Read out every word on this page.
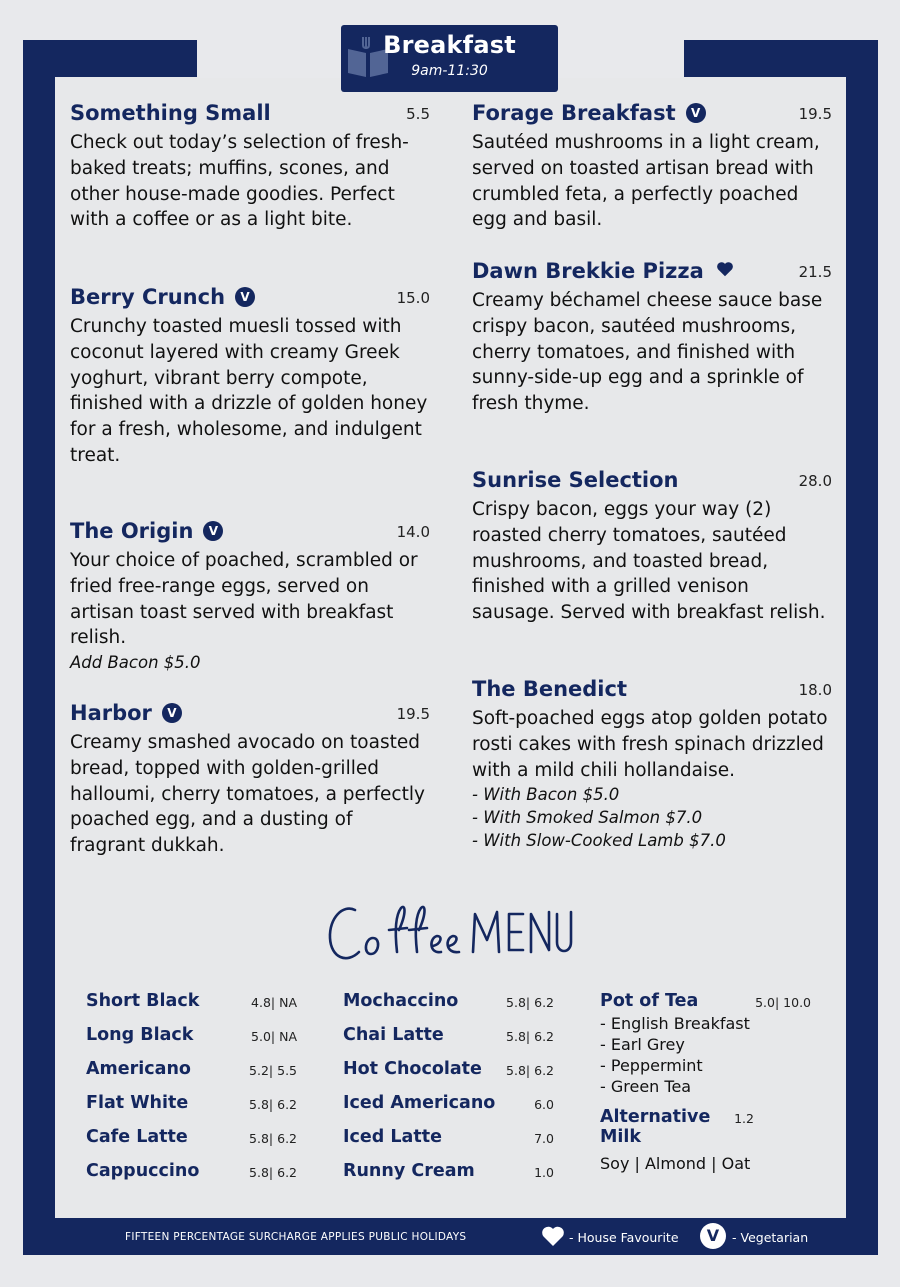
Breakfast
9am-11:30
Something Small	5.5
Check out today’s selection of fresh-baked treats; muffins, scones, and other house-made goodies. Perfect with a coffee or as a light bite.
Berry Crunch V	15.0
Crunchy toasted muesli tossed with coconut layered with creamy Greek yoghurt, vibrant berry compote, finished with a drizzle of golden honey for a fresh, wholesome, and indulgent treat.
The Origin V	14.0
Your choice of poached, scrambled or fried free-range eggs, served on artisan toast served with breakfast relish.
Add Bacon $5.0
Harbor V	19.5
Creamy smashed avocado on toasted bread, topped with golden-grilled halloumi, cherry tomatoes, a perfectly poached egg, and a dusting of fragrant dukkah.
Forage Breakfast V	19.5
Sautéed mushrooms in a light cream, served on toasted artisan bread with crumbled feta, a perfectly poached egg and basil.
Dawn Brekkie Pizza	21.5
Creamy béchamel cheese sauce base crispy bacon, sautéed mushrooms, cherry tomatoes, and finished with sunny-side-up egg and a sprinkle of fresh thyme.
Sunrise Selection	28.0
Crispy bacon, eggs your way (2) roasted cherry tomatoes, sautéed mushrooms, and toasted bread, finished with a grilled venison sausage. Served with breakfast relish.
The Benedict	18.0
Soft-poached eggs atop golden potato rosti cakes with fresh spinach drizzled with a mild chili hollandaise.
- With Bacon $5.0
- With Smoked Salmon $7.0
- With Slow-Cooked Lamb $7.0
Short Black	4.8| NA
Long Black	5.0| NA
Americano	5.2| 5.5
Flat White	5.8| 6.2
Cafe Latte	5.8| 6.2
Cappuccino	5.8| 6.2
Mochaccino	5.8| 6.2
Chai Latte	5.8| 6.2
Hot Chocolate 5.8| 6.2
Iced Americano	6.0
Iced Latte	7.0
Runny Cream	1.0
Pot of Tea	5.0| 10.0
- English Breakfast
- Earl Grey
- Peppermint
- Green Tea
Alternative
Milk
1.2
Soy | Almond | Oat
FIFTEEN PERCENTAGE SURCHARGE APPLIES PUBLIC HOLIDAYS	- House Favourite	V	- Vegetarian
